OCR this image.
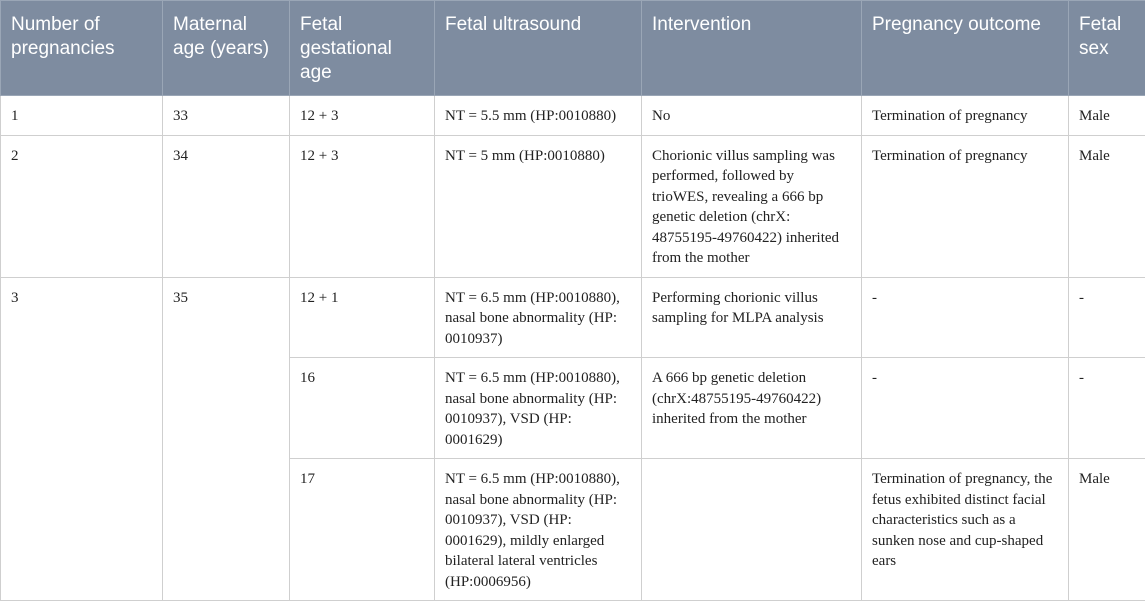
Number of pregnancies	Maternal age (years)	Fetal gestational age	Fetal ultrasound	Intervention	Pregnancy outcome	Fetal sex
1	33	12 + 3	NT = 5.5 mm (HP:0010880)	No	Termination of pregnancy	Male
2	34	12 + 3	NT = 5 mm (HP:0010880)	Chorionic villus sampling was performed, followed by trioWES, revealing a 666 bp genetic deletion (chrX: 48755195-49760422) inherited from the mother	Termination of pregnancy	Male
3	35	12 + 1	NT = 6.5 mm (HP:0010880), nasal bone abnormality (HP: 0010937)	Performing chorionic villus sampling for MLPA analysis	-	-
		16	NT = 6.5 mm (HP:0010880), nasal bone abnormality (HP: 0010937), VSD (HP: 0001629)	A 666 bp genetic deletion (chrX:48755195-49760422) inherited from the mother	-	-
		17	NT = 6.5 mm (HP:0010880), nasal bone abnormality (HP: 0010937), VSD (HP: 0001629), mildly enlarged bilateral lateral ventricles (HP:0006956)		Termination of pregnancy, the fetus exhibited distinct facial characteristics such as a sunken nose and cup-shaped ears	Male
